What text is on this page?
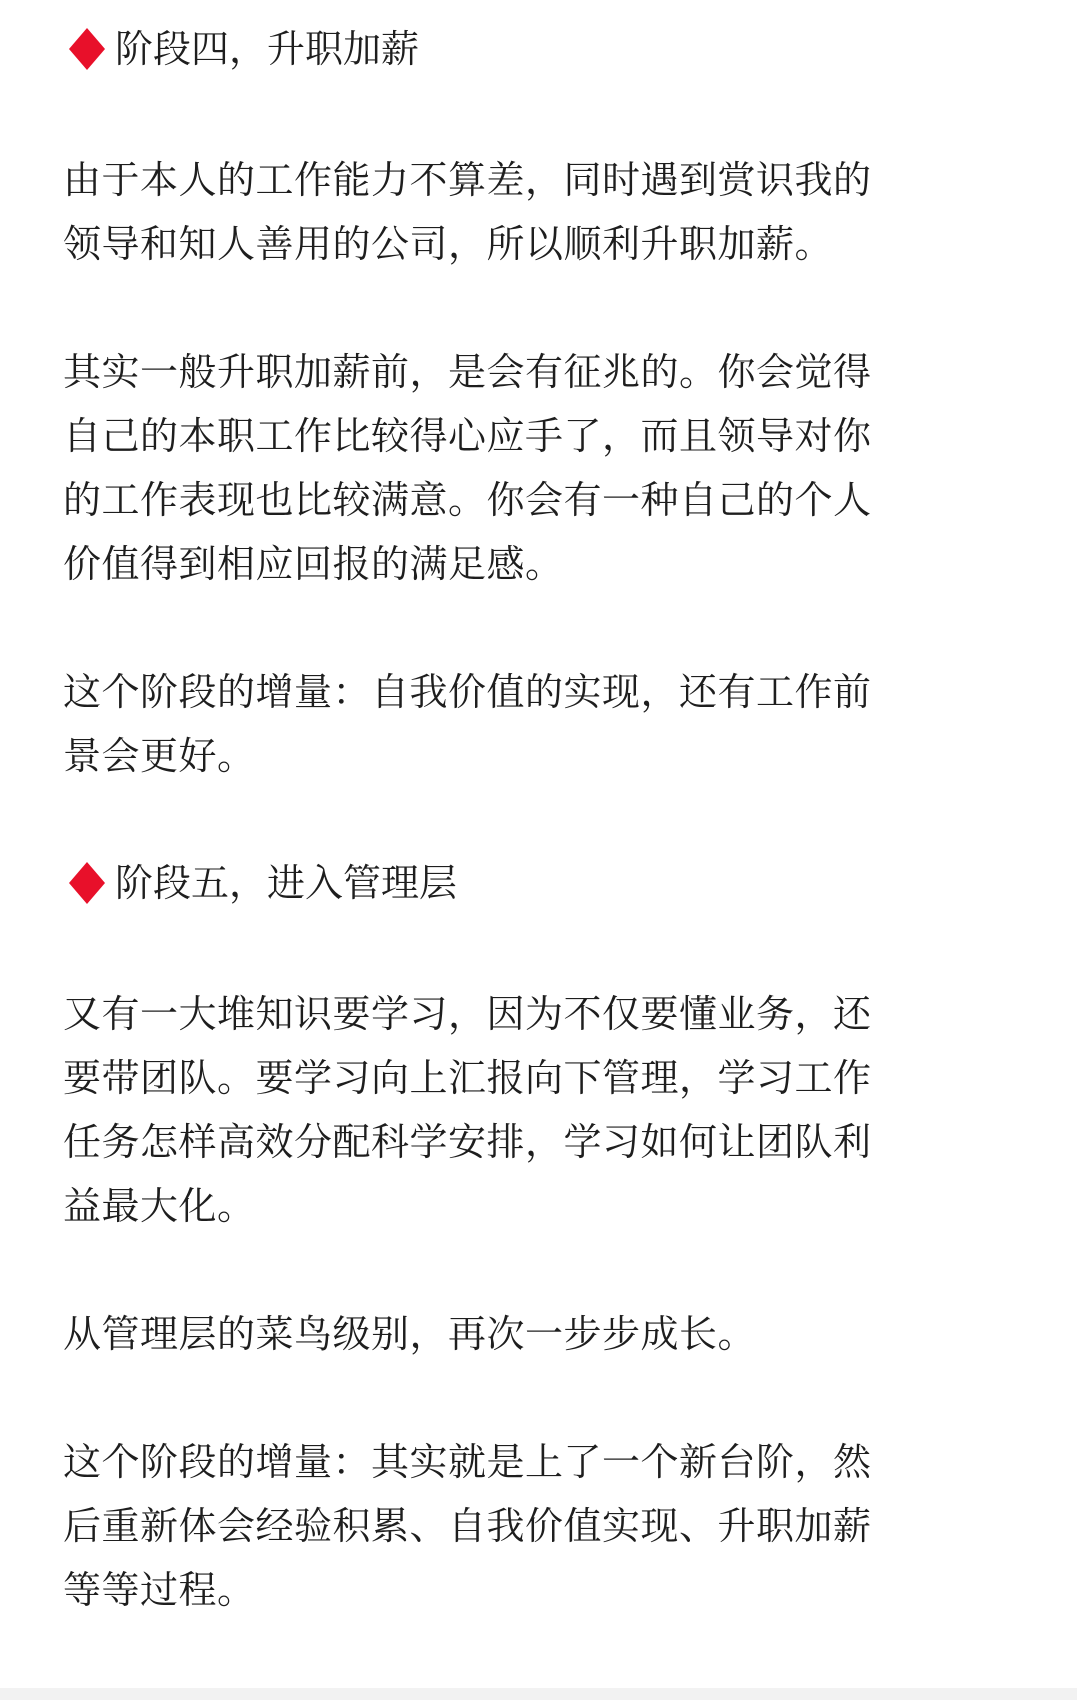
阶段四，升职加薪

由于本人的工作能力不算差，同时遇到赏识我的
领导和知人善用的公司，所以顺利升职加薪。

其实一般升职加薪前，是会有征兆的。你会觉得
自己的本职工作比较得心应手了，而且领导对你
的工作表现也比较满意。你会有一种自己的个人
价值得到相应回报的满足感。

这个阶段的增量：自我价值的实现，还有工作前
景会更好。

阶段五，进入管理层

又有一大堆知识要学习，因为不仅要懂业务，还
要带团队。要学习向上汇报向下管理，学习工作
任务怎样高效分配科学安排，学习如何让团队利
益最大化。

从管理层的菜鸟级别，再次一步步成长。

这个阶段的增量：其实就是上了一个新台阶，然
后重新体会经验积累、自我价值实现、升职加薪
等等过程。
